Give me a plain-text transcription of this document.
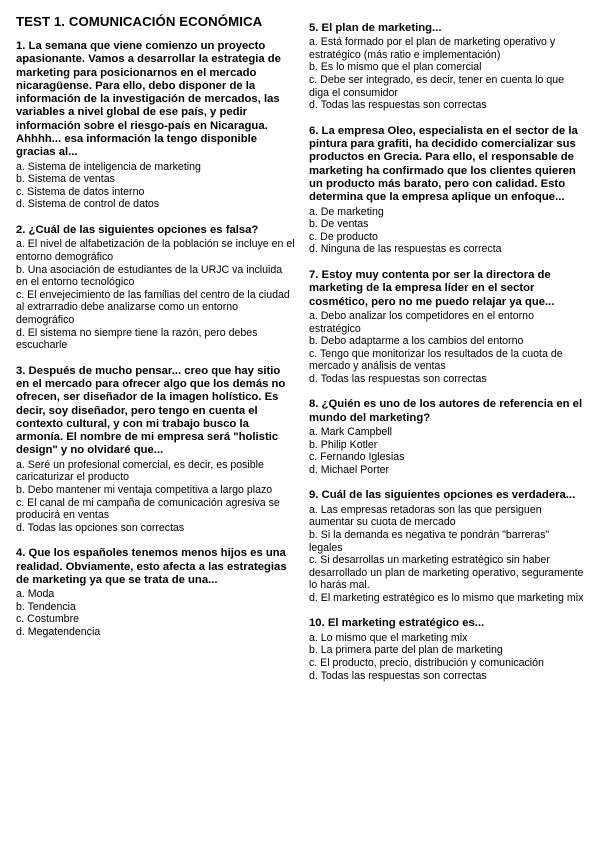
TEST 1. COMUNICACIÓN ECONÓMICA
1. La semana que viene comienzo un proyecto apasionante. Vamos a desarrollar la estrategia de marketing para posicionarnos en el mercado nicaragüense. Para ello, debo disponer de la información de la investigación de mercados, las variables a nivel global de ese país, y pedir información sobre el riesgo-país en Nicaragua. Ahhhh... esa información la tengo disponible gracias al...
a. Sistema de inteligencia de marketing
b. Sistema de ventas
c. Sistema de datos interno
d. Sistema de control de datos
2. ¿Cuál de las siguientes opciones es falsa?
a. El nivel de alfabetización de la población se incluye en el entorno demográfico
b. Una asociación de estudiantes de la URJC va incluida en el entorno tecnológico
c. El envejecimiento de las familias del centro de la ciudad al extrarradio debe analizarse como un entorno demográfico
d. El sistema no siempre tiene la razón, pero debes escucharle
3. Después de mucho pensar... creo que hay sitio en el mercado para ofrecer algo que los demás no ofrecen, ser diseñador de la imagen holístico. Es decir, soy diseñador, pero tengo en cuenta el contexto cultural, y con mi trabajo busco la armonía. El nombre de mi empresa será "holistic design" y no olvidaré que...
a. Seré un profesional comercial, es decir, es posible caricaturizar el producto
b. Debo mantener mi ventaja competitiva a largo plazo
c. El canal de mi campaña de comunicación agresiva se producirá en ventas
d. Todas las opciones son correctas
4. Que los españoles tenemos menos hijos es una realidad. Obviamente, esto afecta a las estrategias de marketing ya que se trata de una...
a. Moda
b. Tendencia
c. Costumbre
d. Megatendencia
5. El plan de marketing...
a. Está formado por el plan de marketing operativo y estratégico (más ratio e implementación)
b. Es lo mismo que el plan comercial
c. Debe ser integrado, es decir, tener en cuenta lo que diga el consumidor
d. Todas las respuestas son correctas
6. La empresa Oleo, especialista en el sector de la pintura para grafiti, ha decidido comercializar sus productos en Grecia. Para ello, el responsable de marketing ha confirmado que los clientes quieren un producto más barato, pero con calidad. Esto determina que la empresa aplique un enfoque...
a. De marketing
b. De ventas
c. De producto
d. Ninguna de las respuestas es correcta
7. Estoy muy contenta por ser la directora de marketing de la empresa líder en el sector cosmético, pero no me puedo relajar ya que...
a. Debo analizar los competidores en el entorno estratégico
b. Debo adaptarme a los cambios del entorno
c. Tengo que monitorizar los resultados de la cuota de mercado y análisis de ventas
d. Todas las respuestas son correctas
8. ¿Quién es uno de los autores de referencia en el mundo del marketing?
a. Mark Campbell
b. Philip Kotler
c. Fernando Iglesias
d. Michael Porter
9. Cuál de las siguientes opciones es verdadera...
a. Las empresas retadoras son las que persiguen aumentar su cuota de mercado
b. Si la demanda es negativa te pondrán "barreras" legales
c. Si desarrollas un marketing estratégico sin haber desarrollado un plan de marketing operativo, seguramente lo harás mal.
d. El marketing estratégico es lo mismo que marketing mix
10. El marketing estratégico es...
a. Lo mismo que el marketing mix
b. La primera parte del plan de marketing
c. El producto, precio, distribución y comunicación
d. Todas las respuestas son correctas
